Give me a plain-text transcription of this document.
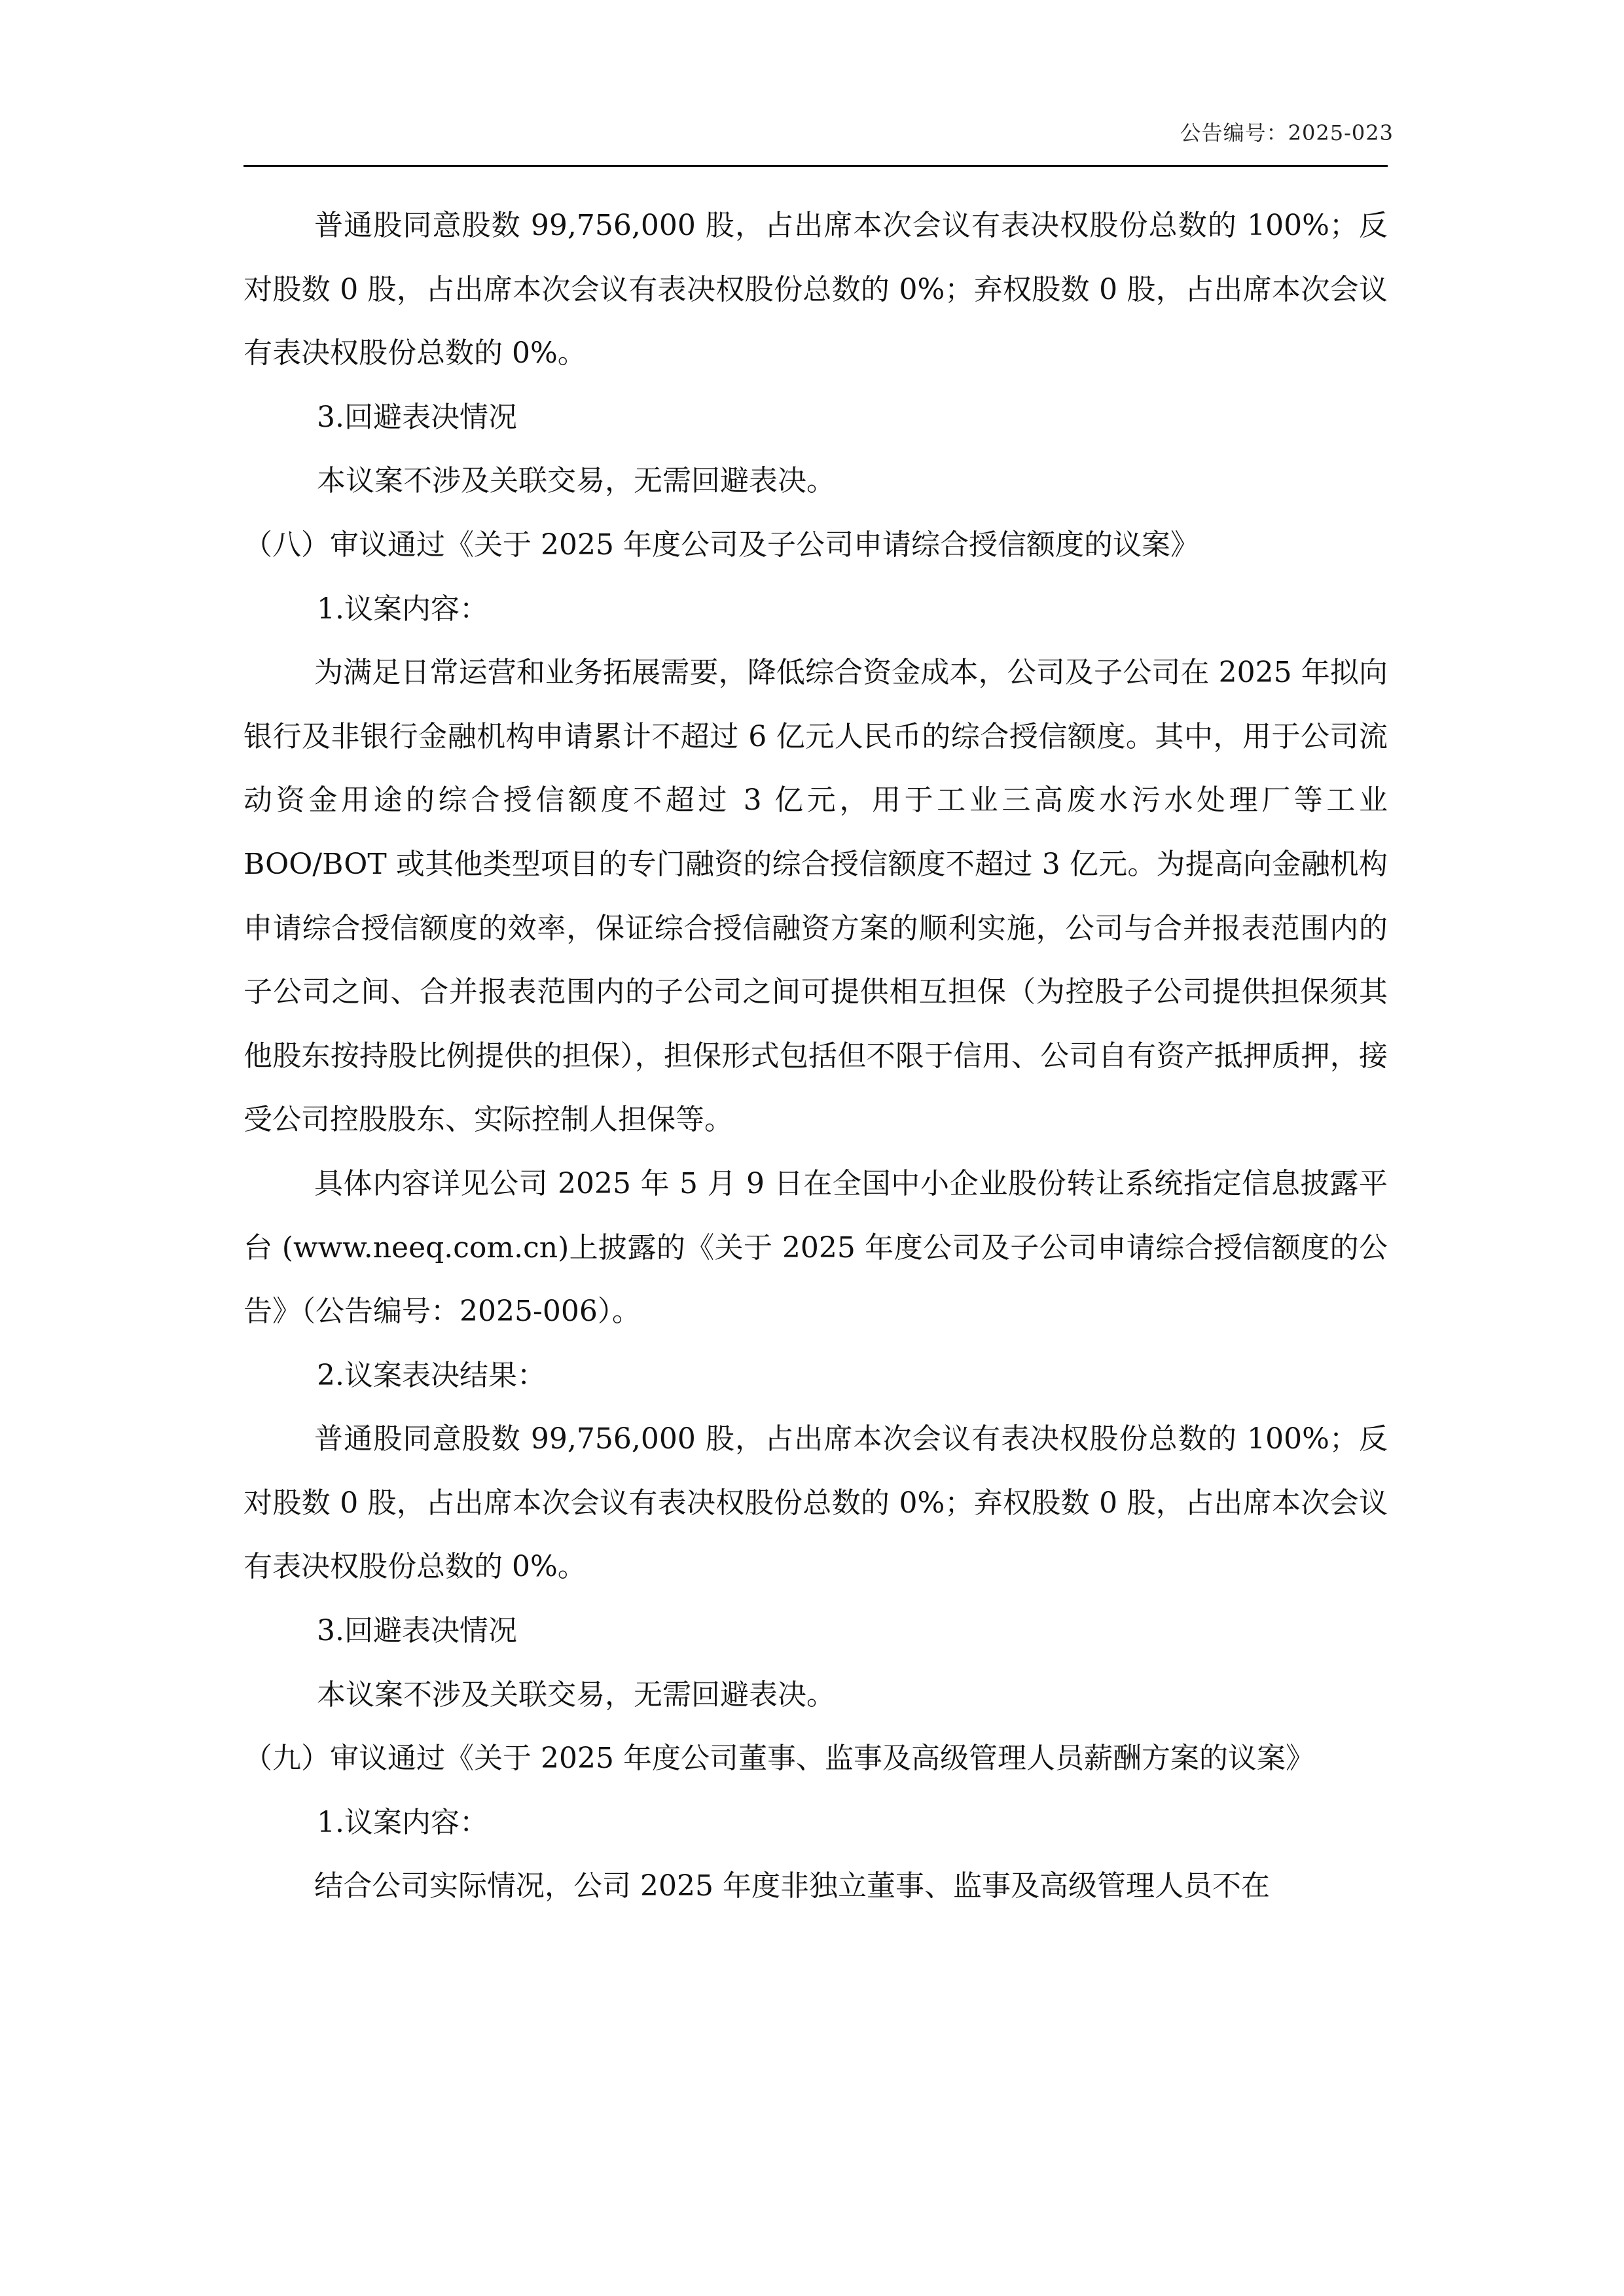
公告编号：2025-023

普通股同意股数 99,756,000 股，占出席本次会议有表决权股份总数的 100%；反对股数 0 股，占出席本次会议有表决权股份总数的 0%；弃权股数 0 股，占出席本次会议有表决权股份总数的 0%。

3.回避表决情况

本议案不涉及关联交易，无需回避表决。

（八）审议通过《关于 2025 年度公司及子公司申请综合授信额度的议案》

1.议案内容：

为满足日常运营和业务拓展需要，降低综合资金成本，公司及子公司在 2025 年拟向银行及非银行金融机构申请累计不超过 6 亿元人民币的综合授信额度。其中，用于公司流动资金用途的综合授信额度不超过 3 亿元，用于工业三高废水污水处理厂等工业 BOO/BOT 或其他类型项目的专门融资的综合授信额度不超过 3 亿元。为提高向金融机构申请综合授信额度的效率，保证综合授信融资方案的顺利实施，公司与合并报表范围内的子公司之间、合并报表范围内的子公司之间可提供相互担保（为控股子公司提供担保须其他股东按持股比例提供的担保），担保形式包括但不限于信用、公司自有资产抵押质押，接受公司控股股东、实际控制人担保等。

具体内容详见公司 2025 年 5 月 9 日在全国中小企业股份转让系统指定信息披露平台 (www.neeq.com.cn)上披露的《关于 2025 年度公司及子公司申请综合授信额度的公告》（公告编号：2025-006）。

2.议案表决结果：

普通股同意股数 99,756,000 股，占出席本次会议有表决权股份总数的 100%；反对股数 0 股，占出席本次会议有表决权股份总数的 0%；弃权股数 0 股，占出席本次会议有表决权股份总数的 0%。

3.回避表决情况

本议案不涉及关联交易，无需回避表决。

（九）审议通过《关于 2025 年度公司董事、监事及高级管理人员薪酬方案的议案》

1.议案内容：

结合公司实际情况，公司 2025 年度非独立董事、监事及高级管理人员不在
